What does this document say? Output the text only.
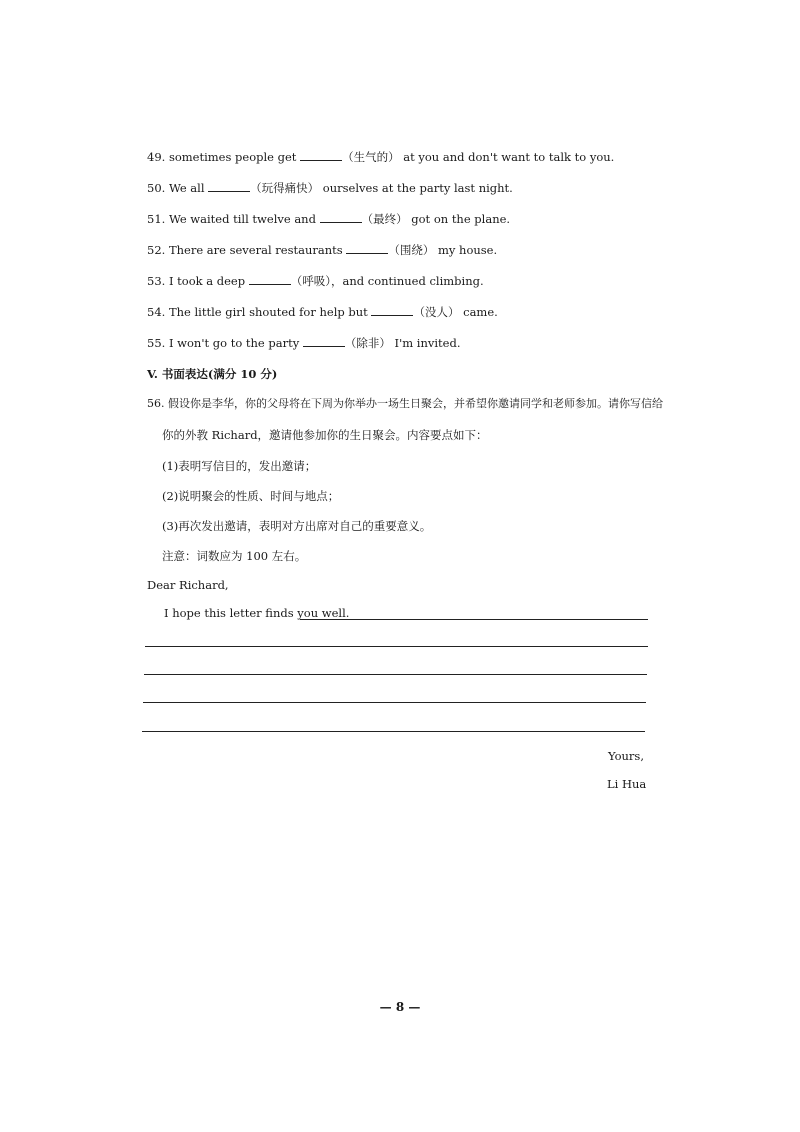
49. sometimes people get	（生气的） at you and don't want to talk to you.
50. We all	（玩得痛快） ourselves at the party last night.
51. We waited till twelve and	（最终） got on the plane.
52. There are several restaurants	（围绕） my house.
53. I took a deep	（呼吸），and continued climbing.
54. The little girl shouted for help but	（没人） came.
55. I won't go to the party	（除非） I'm invited.
V. 书面表达(满分 10 分)
56. 假设你是李华，你的父母将在下周为你举办一场生日聚会，并希望你邀请同学和老师参加。请你写信给
你的外教 Richard，邀请他参加你的生日聚会。内容要点如下：
(1)表明写信目的，发出邀请；
(2)说明聚会的性质、时间与地点；
(3)再次发出邀请，表明对方出席对自己的重要意义。
注意：词数应为 100 左右。
Dear Richard,
I hope this letter finds you well.
Yours,
Li Hua
— 8 —
